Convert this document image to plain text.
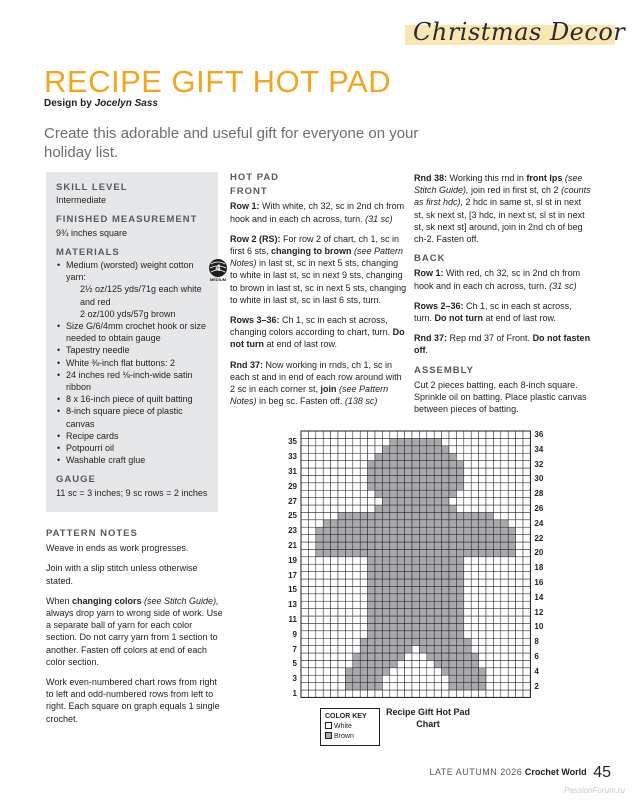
Christmas Decor
RECIPE GIFT HOT PAD
Design by Jocelyn Sass
Create this adorable and useful gift for everyone on your holiday list.
SKILL LEVEL
Intermediate
FINISHED MEASUREMENT
9¾ inches square
MATERIALS
• Medium (worsted) weight cotton yarn:
2½ oz/125 yds/71g each white and red
2 oz/100 yds/57g brown
• Size G/6/4mm crochet hook or size needed to obtain gauge
• Tapestry needle
• White ⅜-inch flat buttons: 2
• 24 inches red ⅛-inch-wide satin ribbon
• 8 x 16-inch piece of quilt batting
• 8-inch square piece of plastic canvas
• Recipe cards
• Potpourri oil
• Washable craft glue
GAUGE
11 sc = 3 inches; 9 sc rows = 2 inches
4
MEDIUM
PATTERN NOTES

Weave in ends as work progresses.

Join with a slip stitch unless otherwise stated.

When changing colors (see Stitch Guide), always drop yarn to wrong side of work. Use a separate ball of yarn for each color section. Do not carry yarn from 1 section to another. Fasten off colors at end of each color section.

Work even-numbered chart rows from right to left and odd-numbered rows from left to right. Each square on graph equals 1 single crochet.

HOT PAD
FRONT

Row 1: With white, ch 32, sc in 2nd ch from hook and in each ch across, turn. (31 sc)

Row 2 (RS): For row 2 of chart, ch 1, sc in first 6 sts, changing to brown (see Pattern Notes) in last st, sc in next 5 sts, changing to white in last st, sc in next 9 sts, changing to brown in last st, sc in next 5 sts, changing to white in last st, sc in last 6 sts, turn.

Rows 3–36: Ch 1, sc in each st across, changing colors according to chart, turn. Do not turn at end of last row.

Rnd 37: Now working in rnds, ch 1, sc in each st and in end of each row around with 2 sc in each corner st, join (see Pattern Notes) in beg sc. Fasten off. (138 sc)

Rnd 38: Working this rnd in front lps (see Stitch Guide), join red in first st, ch 2 (counts as first hdc), 2 hdc in same st, sl st in next st, sk next st, [3 hdc, in next st, sl st in next st, sk next st] around, join in 2nd ch of beg ch-2. Fasten off.

BACK

Row 1: With red, ch 32, sc in 2nd ch from hook and in each ch across, turn. (31 sc)

Rows 2–36: Ch 1, sc in each st across, turn. Do not turn at end of last row.

Rnd 37: Rep rnd 37 of Front. Do not fasten off.

ASSEMBLY

Cut 2 pieces batting, each 8-inch square. Sprinkle oil on batting. Place plastic canvas between pieces of batting.

1
3
5
7
9
11
13
15
17
19
21
23
25
27
29
31
33
35
2
4
6
8
10
12
14
16
18
20
22
24
26
28
30
32
34
36
COLOR KEY
White
Brown
Recipe Gift Hot Pad Chart
LATE AUTUMN 2026 Crochet World 45
PassionForum.ru
